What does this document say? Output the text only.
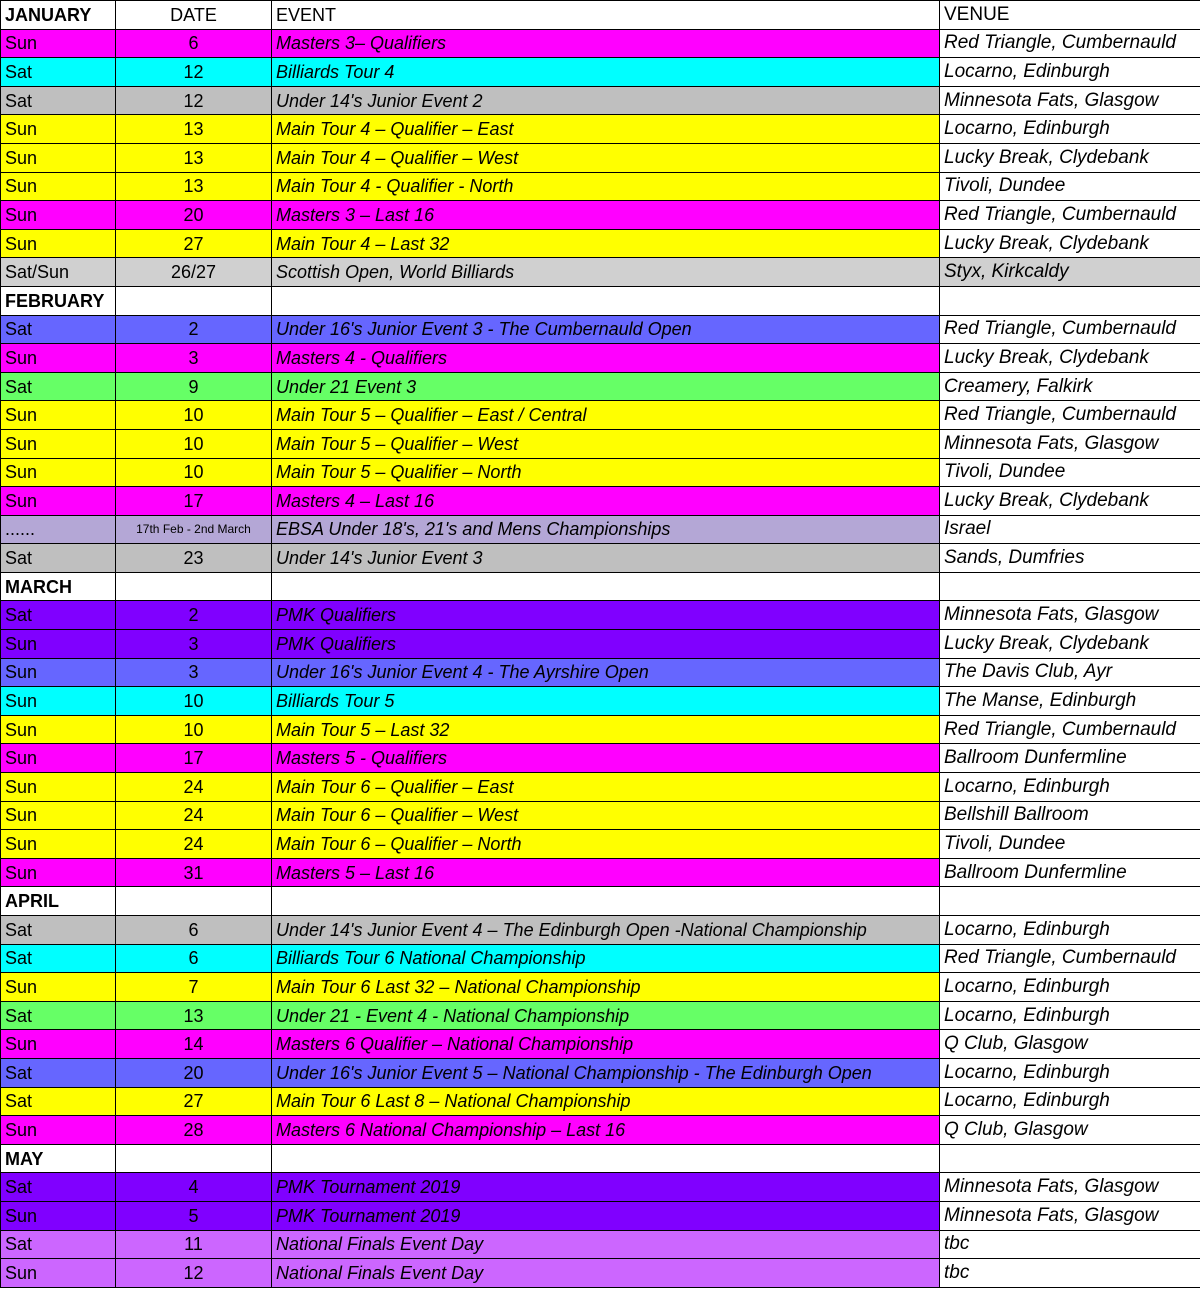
JANUARY	DATE	EVENT	VENUE
Sun	6	Masters 3– Qualifiers	Red Triangle, Cumbernauld
Sat	12	Billiards Tour 4	Locarno, Edinburgh
Sat	12	Under 14's Junior Event 2	Minnesota Fats, Glasgow
Sun	13	Main Tour 4 – Qualifier – East	Locarno, Edinburgh
Sun	13	Main Tour 4 – Qualifier – West	Lucky Break, Clydebank
Sun	13	Main Tour 4 - Qualifier - North	Tivoli, Dundee
Sun	20	Masters 3 – Last 16	Red Triangle, Cumbernauld
Sun	27	Main Tour 4 – Last 32	Lucky Break, Clydebank
Sat/Sun	26/27	Scottish Open, World Billiards	Styx, Kirkcaldy
FEBRUARY			
Sat	2	Under 16's Junior Event 3 - The Cumbernauld Open	Red Triangle, Cumbernauld
Sun	3	Masters 4 - Qualifiers	Lucky Break, Clydebank
Sat	9	Under 21 Event 3	Creamery, Falkirk
Sun	10	Main Tour 5 – Qualifier – East / Central	Red Triangle, Cumbernauld
Sun	10	Main Tour 5 – Qualifier – West	Minnesota Fats, Glasgow
Sun	10	Main Tour 5 – Qualifier – North	Tivoli, Dundee
Sun	17	Masters 4 – Last 16	Lucky Break, Clydebank
......	17th Feb - 2nd March	EBSA Under 18's, 21's and Mens Championships	Israel
Sat	23	Under 14's Junior Event 3	Sands, Dumfries
MARCH			
Sat	2	PMK Qualifiers	Minnesota Fats, Glasgow
Sun	3	PMK Qualifiers	Lucky Break, Clydebank
Sun	3	Under 16's Junior Event 4 - The Ayrshire Open	The Davis Club, Ayr
Sun	10	Billiards Tour 5	The Manse, Edinburgh
Sun	10	Main Tour 5 – Last 32	Red Triangle, Cumbernauld
Sun	17	Masters 5 - Qualifiers	Ballroom Dunfermline
Sun	24	Main Tour 6 – Qualifier – East	Locarno, Edinburgh
Sun	24	Main Tour 6 – Qualifier – West	Bellshill Ballroom
Sun	24	Main Tour 6 – Qualifier – North	Tivoli, Dundee
Sun	31	Masters 5 – Last 16	Ballroom Dunfermline
APRIL			
Sat	6	Under 14's Junior Event 4 – The Edinburgh Open -National Championship	Locarno, Edinburgh
Sat	6	Billiards Tour 6 National Championship	Red Triangle, Cumbernauld
Sun	7	Main Tour 6 Last 32 – National Championship	Locarno, Edinburgh
Sat	13	Under 21 - Event 4 - National Championship	Locarno, Edinburgh
Sun	14	Masters 6 Qualifier – National Championship	Q Club, Glasgow
Sat	20	Under 16's Junior Event 5 – National Championship - The Edinburgh Open	Locarno, Edinburgh
Sat	27	Main Tour 6 Last 8 – National Championship	Locarno, Edinburgh
Sun	28	Masters 6 National Championship – Last 16	Q Club, Glasgow
MAY			
Sat	4	PMK Tournament 2019	Minnesota Fats, Glasgow
Sun	5	PMK Tournament 2019	Minnesota Fats, Glasgow
Sat	11	National Finals Event Day	tbc
Sun	12	National Finals Event Day	tbc
